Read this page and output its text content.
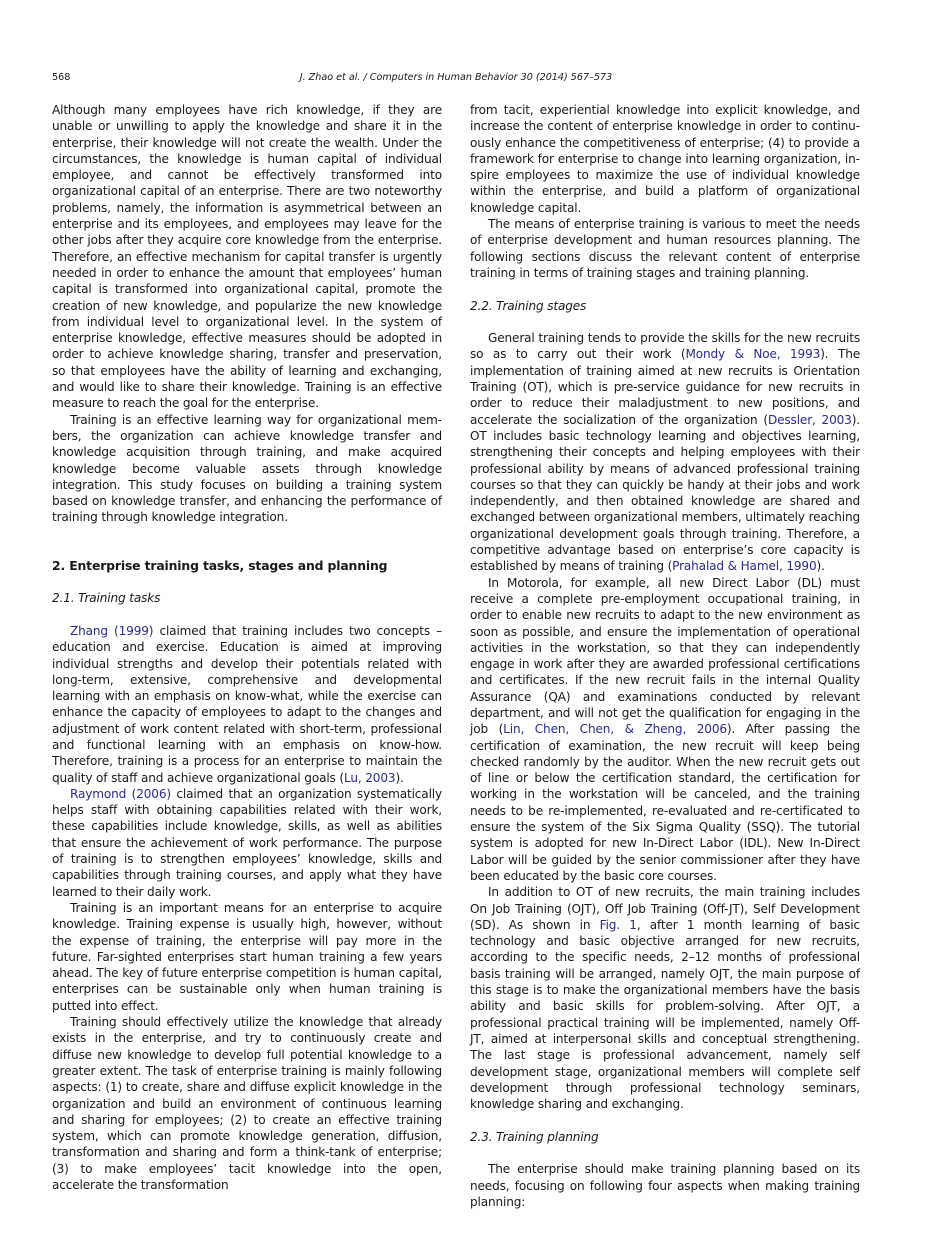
568	J. Zhao et al. / Computers in Human Behavior 30 (2014) 567–573

Although many employees have rich knowledge, if they are unable or unwilling to apply the knowledge and share it in the enterprise, their knowledge will not create the wealth. Under the circumstances, the knowledge is human capital of individual employee, and cannot be effectively transformed into organizational capital of an enterprise. There are two noteworthy problems, namely, the information is asymmetrical between an enterprise and its employees, and employees may leave for the other jobs after they acquire core knowledge from the enterprise. Therefore, an effective mechanism for capital transfer is urgently needed in order to enhance the amount that employees’ human capital is transformed into organizational capital, promote the creation of new knowledge, and popularize the new knowledge from individual level to organizational level. In the system of enterprise knowledge, effective measures should be adopted in order to achieve knowledge sharing, transfer and preservation, so that employees have the ability of learning and exchanging, and would like to share their knowledge. Training is an effective measure to reach the goal for the enterprise.

Training is an effective learning way for organizational members, the organization can achieve knowledge transfer and knowledge acquisition through training, and make acquired knowledge become valuable assets through knowledge integration. This study focuses on building a training system based on knowledge transfer, and enhancing the performance of training through knowledge integration.

2. Enterprise training tasks, stages and planning
2.1. Training tasks

Zhang (1999) claimed that training includes two concepts – education and exercise. Education is aimed at improving individual strengths and develop their potentials related with long-term, extensive, comprehensive and developmental learning with an emphasis on know-what, while the exercise can enhance the capacity of employees to adapt to the changes and adjustment of work content related with short-term, professional and functional learning with an emphasis on know-how. Therefore, training is a process for an enterprise to maintain the quality of staff and achieve organizational goals (Lu, 2003).

Raymond (2006) claimed that an organization systematically helps staff with obtaining capabilities related with their work, these capabilities include knowledge, skills, as well as abilities that ensure the achievement of work performance. The purpose of training is to strengthen employees’ knowledge, skills and capabilities through training courses, and apply what they have learned to their daily work.

Training is an important means for an enterprise to acquire knowledge. Training expense is usually high, however, without the expense of training, the enterprise will pay more in the future. Far-sighted enterprises start human training a few years ahead. The key of future enterprise competition is human capital, enterprises can be sustainable only when human training is putted into effect.

Training should effectively utilize the knowledge that already exists in the enterprise, and try to continuously create and diffuse new knowledge to develop full potential knowledge to a greater extent. The task of enterprise training is mainly following aspects: (1) to create, share and diffuse explicit knowledge in the organization and build an environment of continuous learning and sharing for employees; (2) to create an effective training system, which can promote knowledge generation, diffusion, transformation and sharing and form a think-tank of enterprise; (3) to make employees’ tacit knowledge into the open, accelerate the transformation

from tacit, experiential knowledge into explicit knowledge, and increase the content of enterprise knowledge in order to continuously enhance the competitiveness of enterprise; (4) to provide a framework for enterprise to change into learning organization, inspire employees to maximize the use of individual knowledge within the enterprise, and build a platform of organizational knowledge capital.

The means of enterprise training is various to meet the needs of enterprise development and human resources planning. The following sections discuss the relevant content of enterprise training in terms of training stages and training planning.

2.2. Training stages

General training tends to provide the skills for the new recruits so as to carry out their work (Mondy & Noe, 1993). The implementation of training aimed at new recruits is Orientation Training (OT), which is pre-service guidance for new recruits in order to reduce their maladjustment to new positions, and accelerate the socialization of the organization (Dessler, 2003). OT includes basic technology learning and objectives learning, strengthening their concepts and helping employees with their professional ability by means of advanced professional training courses so that they can quickly be handy at their jobs and work independently, and then obtained knowledge are shared and exchanged between organizational members, ultimately reaching organizational development goals through training. Therefore, a competitive advantage based on enterprise’s core capacity is established by means of training (Prahalad & Hamel, 1990).

In Motorola, for example, all new Direct Labor (DL) must receive a complete pre-employment occupational training, in order to enable new recruits to adapt to the new environment as soon as possible, and ensure the implementation of operational activities in the workstation, so that they can independently engage in work after they are awarded professional certifications and certificates. If the new recruit fails in the internal Quality Assurance (QA) and examinations conducted by relevant department, and will not get the qualification for engaging in the job (Lin, Chen, Chen, & Zheng, 2006). After passing the certification of examination, the new recruit will keep being checked randomly by the auditor. When the new recruit gets out of line or below the certification standard, the certification for working in the workstation will be canceled, and the training needs to be re-implemented, re-evaluated and re-certificated to ensure the system of the Six Sigma Quality (SSQ). The tutorial system is adopted for new In-Direct Labor (IDL). New In-Direct Labor will be guided by the senior commissioner after they have been educated by the basic core courses.

In addition to OT of new recruits, the main training includes On Job Training (OJT), Off Job Training (Off-JT), Self Development (SD). As shown in Fig. 1, after 1 month learning of basic technology and basic objective arranged for new recruits, according to the specific needs, 2–12 months of professional basis training will be arranged, namely OJT, the main purpose of this stage is to make the organizational members have the basis ability and basic skills for problem-solving. After OJT, a professional practical training will be implemented, namely Off-JT, aimed at interpersonal skills and conceptual strengthening. The last stage is professional advancement, namely self development stage, organizational members will complete self development through professional technology seminars, knowledge sharing and exchanging.

2.3. Training planning

The enterprise should make training planning based on its needs, focusing on following four aspects when making training planning:
